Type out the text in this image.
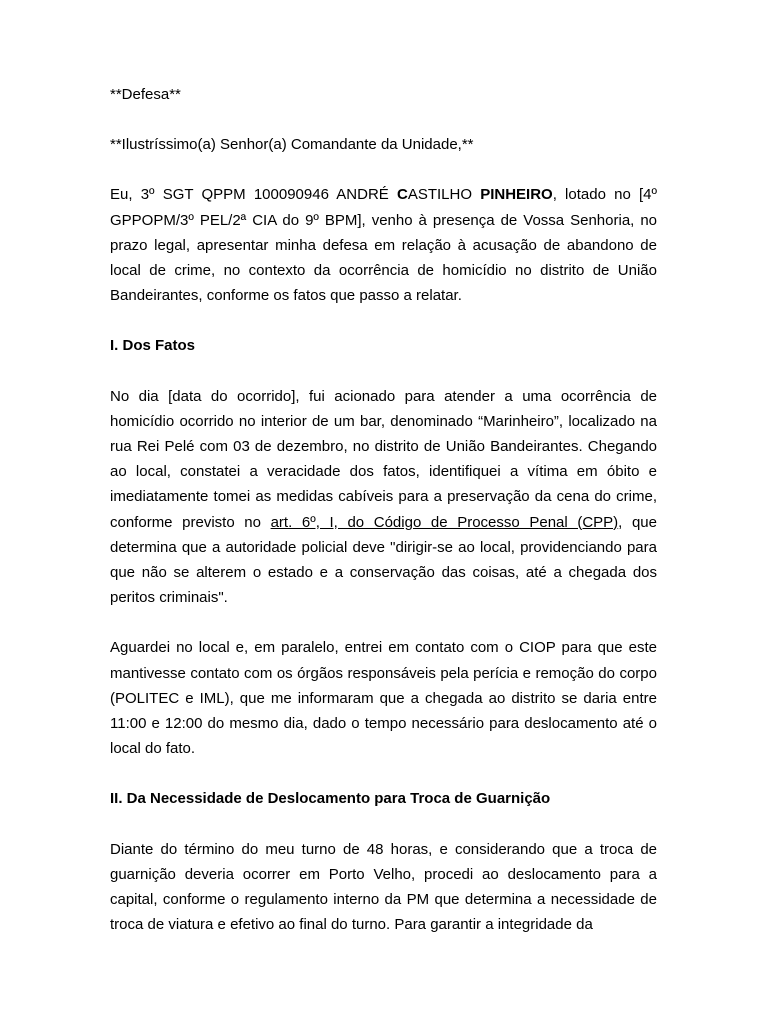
**Defesa**

**Ilustríssimo(a) Senhor(a) Comandante da Unidade,**

Eu, 3º SGT QPPM 100090946 ANDRÉ CASTILHO PINHEIRO, lotado no [4º GPPOPM/3º PEL/2ª CIA do 9º BPM], venho à presença de Vossa Senhoria, no prazo legal, apresentar minha defesa em relação à acusação de abandono de local de crime, no contexto da ocorrência de homicídio no distrito de União Bandeirantes, conforme os fatos que passo a relatar.

I. Dos Fatos

No dia [data do ocorrido], fui acionado para atender a uma ocorrência de homicídio ocorrido no interior de um bar, denominado “Marinheiro”, localizado na rua Rei Pelé com 03 de dezembro, no distrito de União Bandeirantes. Chegando ao local, constatei a veracidade dos fatos, identifiquei a vítima em óbito e imediatamente tomei as medidas cabíveis para a preservação da cena do crime, conforme previsto no art. 6º, I, do Código de Processo Penal (CPP), que determina que a autoridade policial deve "dirigir-se ao local, providenciando para que não se alterem o estado e a conservação das coisas, até a chegada dos peritos criminais".

Aguardei no local e, em paralelo, entrei em contato com o CIOP para que este mantivesse contato com os órgãos responsáveis pela perícia e remoção do corpo (POLITEC e IML), que me informaram que a chegada ao distrito se daria entre 11:00 e 12:00 do mesmo dia, dado o tempo necessário para deslocamento até o local do fato.

II. Da Necessidade de Deslocamento para Troca de Guarnição

Diante do término do meu turno de 48 horas, e considerando que a troca de guarnição deveria ocorrer em Porto Velho, procedi ao deslocamento para a capital, conforme o regulamento interno da PM que determina a necessidade de troca de viatura e efetivo ao final do turno. Para garantir a integridade da
